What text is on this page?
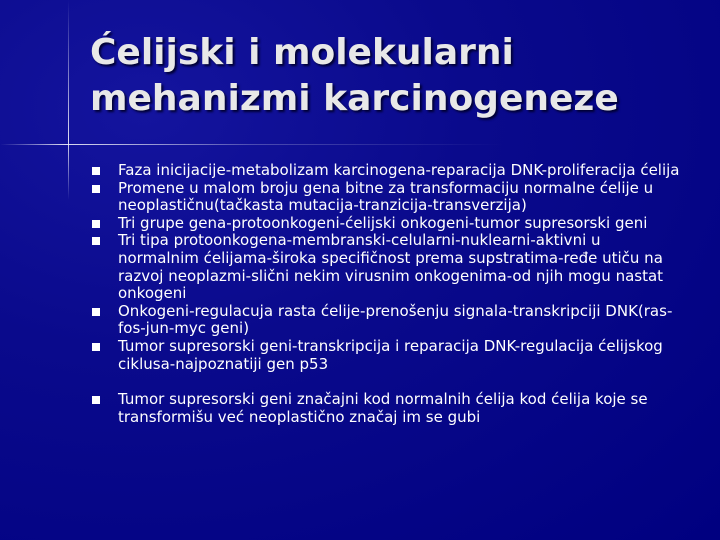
Ćelijski i molekularni
mehanizmi karcinogeneze
Faza inicijacije-metabolizam karcinogena-reparacija DNK-proliferacija ćelija
Promene u malom broju gena bitne za transformaciju normalne ćelije u neoplastičnu(tačkasta mutacija-tranzicija-transverzija)
Tri grupe gena-protoonkogeni-ćelijski onkogeni-tumor supresorski geni
Tri tipa protoonkogena-membranski-celularni-nuklearni-aktivni u normalnim ćelijama-široka specifičnost prema supstratima-ređe utiču na razvoj neoplazmi-slični nekim virusnim onkogenima-od njih mogu nastat onkogeni
Onkogeni-regulacuja rasta ćelije-prenošenju signala-transkripciji DNK(ras-fos-jun-myc geni)
Tumor supresorski geni-transkripcija i reparacija DNK-regulacija ćelijskog ciklusa-najpoznatiji gen p53
Tumor supresorski geni značajni kod normalnih ćelija kod ćelija koje se transformišu već neoplastično značaj im se gubi
